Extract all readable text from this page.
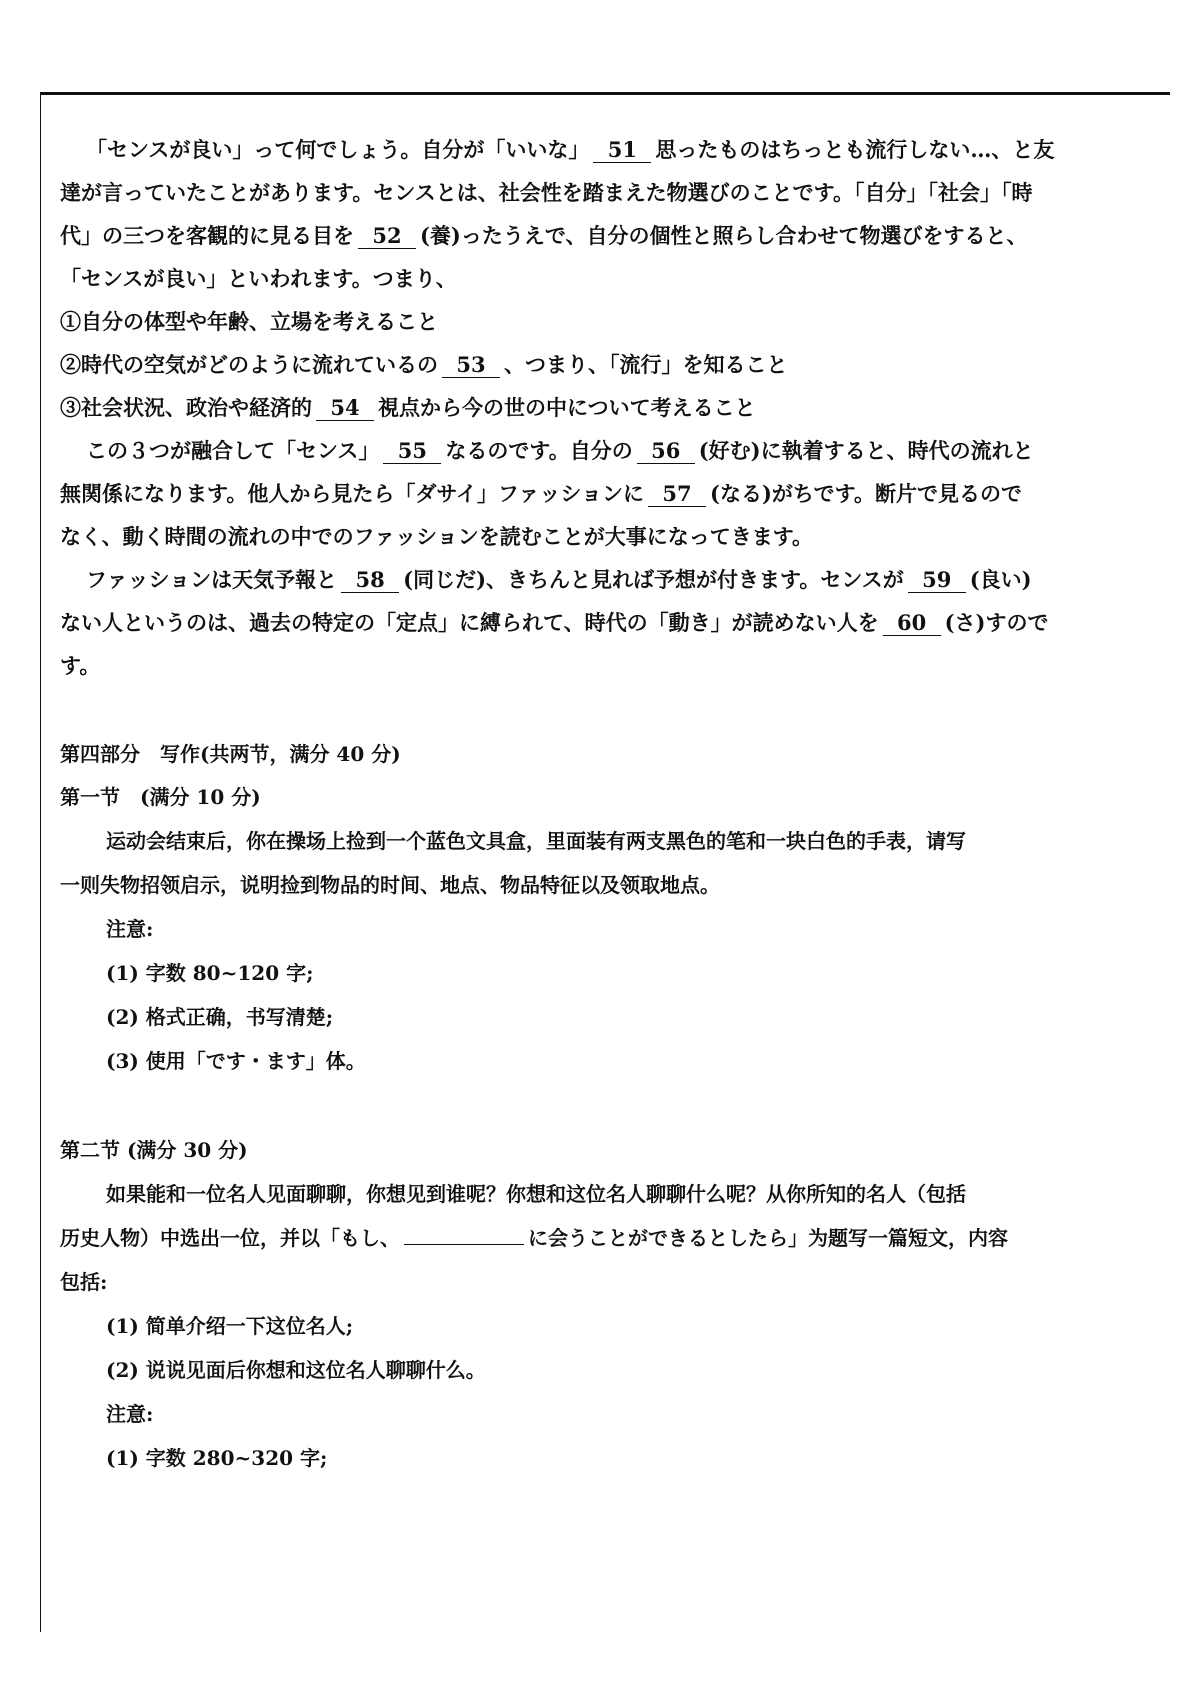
「センスが良い」って何でしょう。自分が「いいな」 51 思ったものはちっとも流行しない…、と友

達が言っていたことがあります。センスとは、社会性を踏まえた物選びのことです。「自分」「社会」「時

代」の三つを客観的に見る目を 52 (養)ったうえで、自分の個性と照らし合わせて物選びをすると、

「センスが良い」といわれます。つまり、

①自分の体型や年齢、立場を考えること

②時代の空気がどのように流れているの 53 、つまり、「流行」を知ること

③社会状況、政治や経済的 54 視点から今の世の中について考えること

この３つが融合して「センス」 55 なるのです。自分の 56 (好む)に執着すると、時代の流れと

無関係になります。他人から見たら「ダサイ」ファッションに 57 (なる)がちです。断片で見るので

なく、動く時間の流れの中でのファッションを読むことが大事になってきます。

ファッションは天気予報と 58 (同じだ)、きちんと見れば予想が付きます。センスが 59 (良い)

ない人というのは、過去の特定の「定点」に縛られて、時代の「動き」が読めない人を 60 (さ)すので

す。

第四部分　写作(共两节，满分 40 分)

第一节　(满分 10 分)

运动会结束后，你在操场上捡到一个蓝色文具盒，里面装有两支黑色的笔和一块白色的手表，请写

一则失物招领启示，说明捡到物品的时间、地点、物品特征以及领取地点。

注意:

(1) 字数 80~120 字;

(2) 格式正确，书写清楚;

(3) 使用「です・ます」体。

第二节 (满分 30 分)

如果能和一位名人见面聊聊，你想见到谁呢？你想和这位名人聊聊什么呢？从你所知的名人（包括

历史人物）中选出一位，并以「もし、	に会うことができるとしたら」为题写一篇短文，内容

包括:

(1) 简单介绍一下这位名人;

(2) 说说见面后你想和这位名人聊聊什么。

注意:

(1) 字数 280~320 字;
